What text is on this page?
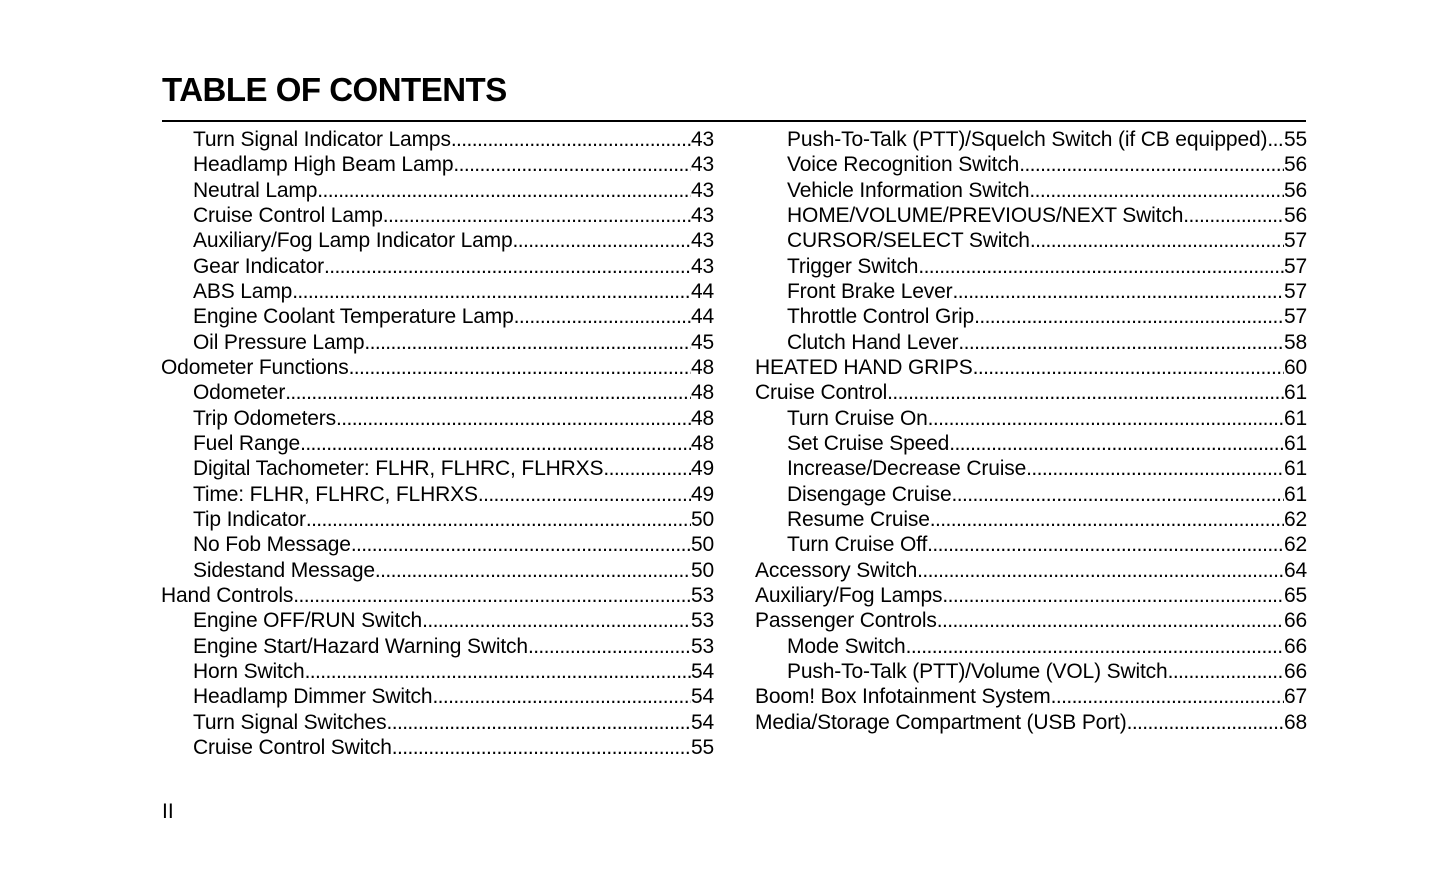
TABLE OF CONTENTS
Turn Signal Indicator Lamps .....	43
Headlamp High Beam Lamp .....	43
Neutral Lamp .....	43
Cruise Control Lamp .....	43
Auxiliary/Fog Lamp Indicator Lamp .....	43
Gear Indicator .....	43
ABS Lamp .....	44
Engine Coolant Temperature Lamp .....	44
Oil Pressure Lamp .....	45
Odometer Functions .....	48
Odometer .....	48
Trip Odometers .....	48
Fuel Range .....	48
Digital Tachometer: FLHR, FLHRC, FLHRXS .....	49
Time: FLHR, FLHRC, FLHRXS .....	49
Tip Indicator .....	50
No Fob Message .....	50
Sidestand Message .....	50
Hand Controls .....	53
Engine OFF/RUN Switch .....	53
Engine Start/Hazard Warning Switch .....	53
Horn Switch .....	54
Headlamp Dimmer Switch .....	54
Turn Signal Switches .....	54
Cruise Control Switch .....	55
Push-To-Talk (PTT)/Squelch Switch (if CB equipped) ..... 55
Voice Recognition Switch .....	56
Vehicle Information Switch .....	56
HOME/VOLUME/PREVIOUS/NEXT Switch .....	56
CURSOR/SELECT Switch .....	57
Trigger Switch .....	57
Front Brake Lever .....	57
Throttle Control Grip .....	57
Clutch Hand Lever .....	58
HEATED HAND GRIPS .....	60
Cruise Control .....	61
Turn Cruise On .....	61
Set Cruise Speed .....	61
Increase/Decrease Cruise .....	61
Disengage Cruise .....	61
Resume Cruise .....	62
Turn Cruise Off .....	62
Accessory Switch .....	64
Auxiliary/Fog Lamps .....	65
Passenger Controls .....	66
Mode Switch .....	66
Push-To-Talk (PTT)/Volume (VOL) Switch .....	66
Boom! Box Infotainment System .....	67
Media/Storage Compartment (USB Port) .....	68
II
